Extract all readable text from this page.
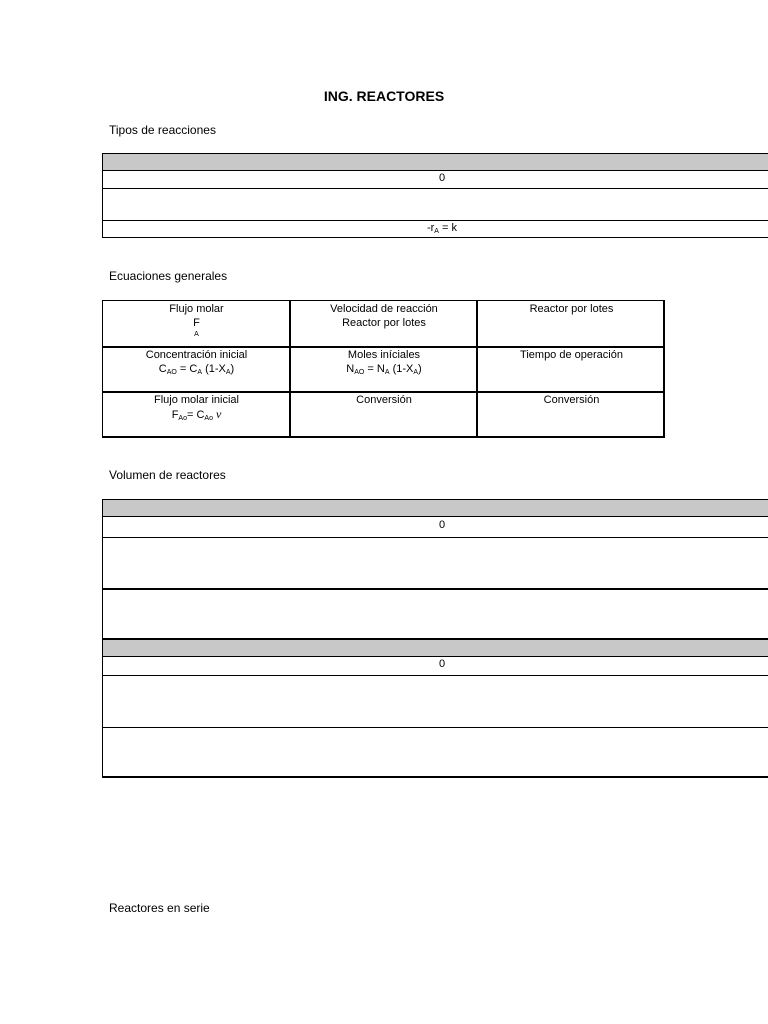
ING. REACTORES
Tipos de reacciones
0
$-r_A = k$
Ecuaciones generales
Flujo molar
F
A
Velocidad de reacción
Reactor por lotes
Reactor por lotes
Concentración inicial
$C_{AO} = C_A$ $(1-X_A)$
Moles iníciales
$N_{AO} = N_A$ $(1-X_A)$
Tiempo de operación
Flujo molar inicial
$F_{Ao}= C_{Ao}$ ν
Conversión	Conversión
Volumen de reactores
0
0
Reactores en serie
